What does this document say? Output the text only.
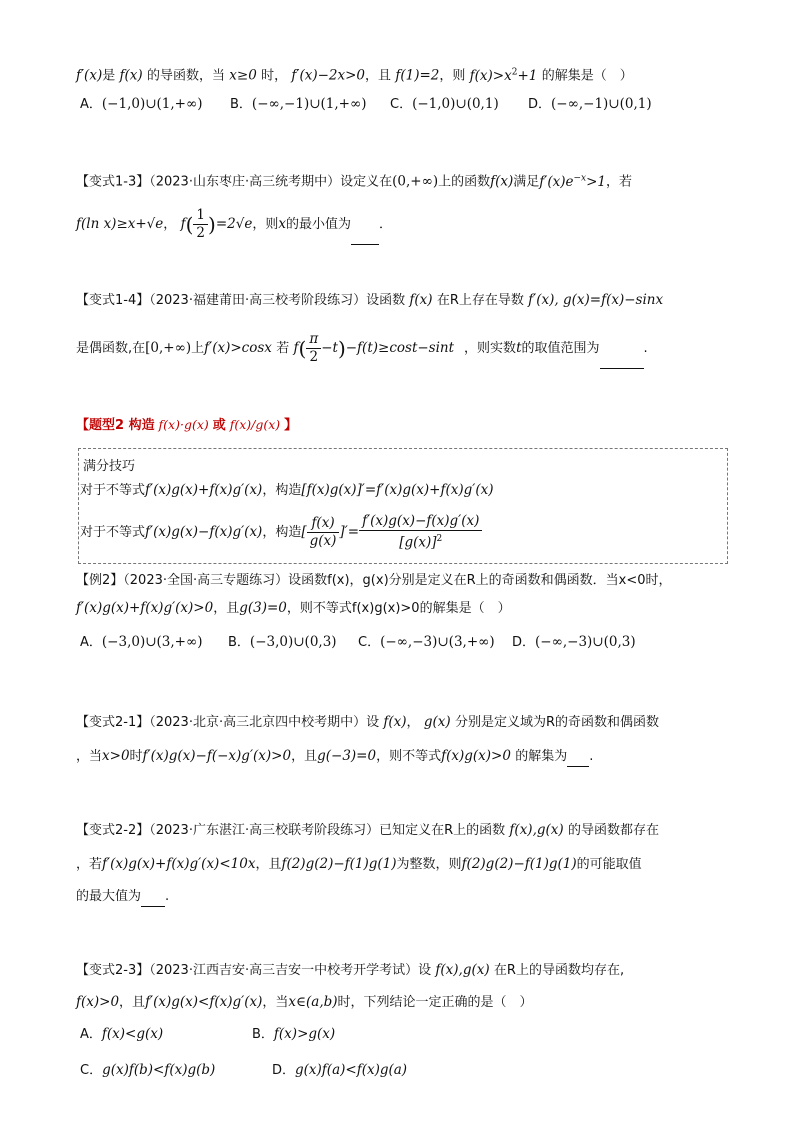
f′(x)是 f(x) 的导函数，当 x≥0 时， f′(x)−2x>0，且 f(1)=2，则 $f(x)>x^2+1$ 的解集是（　）
A．(−1,0)∪(1,+∞) B．(−∞,−1)∪(1,+∞) C．(−1,0)∪(0,1) D．(−∞,−1)∪(0,1)
【变式1-3】（2023·山东枣庄·高三统考期中）设定义在(0,+∞)上的函数f(x)满足$f'(x)e^{-x}>1$，若
f(ln x)≥x+√e， $f( \frac{1}{2} )=2√e$，则x的最小值为 ．
【变式1-4】（2023·福建莆田·高三校考阶段练习）设函数 f(x) 在R上存在导数 f′(x), g(x)=f(x)−sinx
是偶函数,在[0,+∞)上f′(x)>cosx 若 $f( \frac{\pi}{2} -t)-f(t)\ge\cos t-\sin t$ ，则实数t的取值范围为	.
【题型2 构造 f(x)·g(x) 或 f(x)/g(x) 】
满分技巧
对于不等式f′(x)g(x)+f(x)g′(x)，构造[f(x)g(x)]′=f′(x)g(x)+f(x)g′(x)
对于不等式f′(x)g(x)−f(x)g′(x)，构造[ $\frac{f(x)}{g(x)}$ ]′= $\frac{f'(x)g(x)-f(x)g'(x)}{[g(x)]^2}$
【例2】（2023·全国·高三专题练习）设函数f(x)，g(x)分别是定义在R上的奇函数和偶函数．当x<0时，
f′(x)g(x)+f(x)g′(x)>0，且g(3)=0，则不等式f(x)g(x)>0的解集是（　）
A．(−3,0)∪(3,+∞) B．(−3,0)∪(0,3) C．(−∞,−3)∪(3,+∞) D．(−∞,−3)∪(0,3)
【变式2-1】（2023·北京·高三北京四中校考期中）设 f(x)， g(x) 分别是定义域为R的奇函数和偶函数
，当x>0时f′(x)g(x)−f(−x)g′(x)>0，且g(−3)=0，则不等式f(x)g(x)>0 的解集为 .
【变式2-2】（2023·广东湛江·高三校联考阶段练习）已知定义在R上的函数 f(x),g(x) 的导函数都存在
，若f′(x)g(x)+f(x)g′(x)<10x，且f(2)g(2)−f(1)g(1)为整数，则f(2)g(2)−f(1)g(1)的可能取值
的最大值为 .
【变式2-3】（2023·江西吉安·高三吉安一中校考开学考试）设 f(x),g(x) 在R上的导函数均存在,
f(x)>0，且f′(x)g(x)<f(x)g′(x)，当x∈(a,b)时，下列结论一定正确的是（　）
A．f(x)<g(x)	B．f(x)>g(x)
C．g(x)f(b)<f(x)g(b)	D．g(x)f(a)<f(x)g(a)
